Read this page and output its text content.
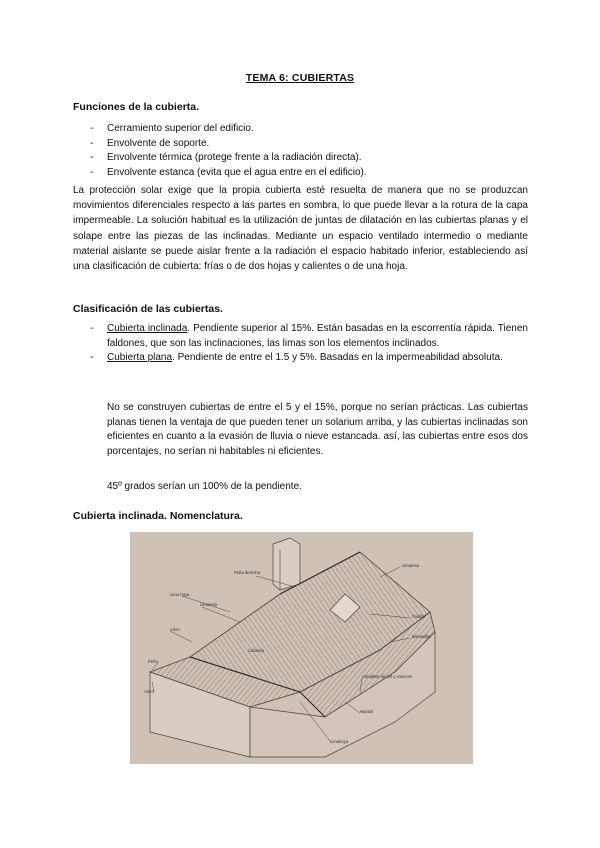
TEMA 6: CUBIERTAS
Funciones de la cubierta.
- Cerramiento superior del edificio.
- Envolvente de soporte.
- Envolvente térmica (protege frente a la radiación directa).
- Envolvente estanca (evita que el agua entre en el edificio).

La protección solar exige que la propia cubierta esté resuelta de manera que no se produzcan movimientos diferenciales respecto a las partes en sombra, lo que puede llevar a la rotura de la capa impermeable. La solución habitual es la utilización de juntas de dilatación en las cubiertas planas y el solape entre las piezas de las inclinadas. Mediante un espacio ventilado intermedio o mediante material aislante se puede aislar frente a la radiación el espacio habitado inferior, estableciendo así una clasificación de cubierta: frías o de dos hojas y calientes o de una hoja.

Clasificación de las cubiertas.
- Cubierta inclinada. Pendiente superior al 15%. Están basadas en la escorrentía rápida. Tienen faldones, que son las inclinaciones, las limas son los elementos inclinados.
- Cubierta plana. Pendiente de entre el 1.5 y 5%. Basadas en la impermeabilidad absoluta.

No se construyen cubiertas de entre el 5 y el 15%, porque no serían prácticas. Las cubiertas planas tienen la ventaja de que pueden tener un solarium arriba, y las cubiertas inclinadas son eficientes en cuanto a la evasión de lluvia o nieve estancada. así, las cubiertas entre esos dos porcentajes, no serían ni habitables ni eficientes.

45º grados serían un 100% de la pendiente.

Cubierta inclinada. Nomenclatura.
Peña derecha
Limatesa
Lima hoya
Limatesa
Faldón
Buhardilla
Alero
Peña
Alero
Caballete de sol y volumen
Hastial
Limahoya
Cubierta
